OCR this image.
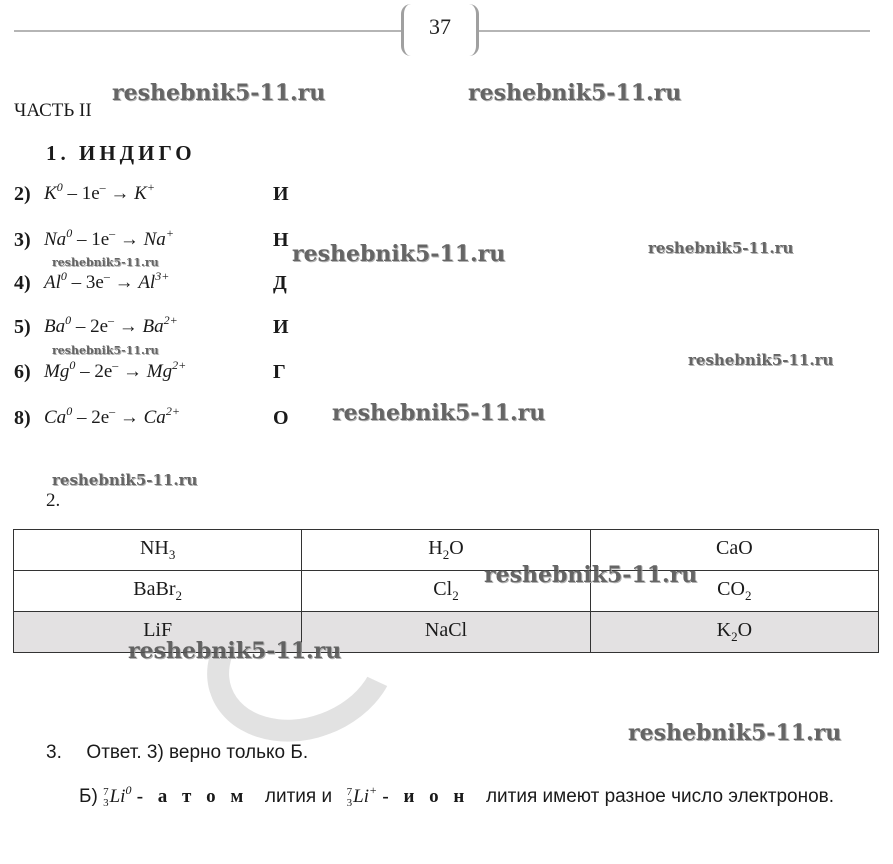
37
ЧАСТЬ II
1. ИНДИГО
2) $K^0 - 1e^- \to K^+$	И
3) Na$^0$ – 1e– → Na+	Н
4) $Al^0 - 3e^- \to Al^{3+}$	Д
5) $Ba^0 - 2e^- \to Ba^{2+}$	И
6) $Mg^0 - 2e^- \to Mg^{2+}$	Г
8) $Ca^0 - 2e^- \to Ca^{2+}$	О
2.
$NH_3$	$H_2O$	CaO
BaBr$_2$	$Cl_2$	$CO_2$
LiF	NaCl	$K_2O$
3. Ответ. 3) верно только Б.
Б) 7
3Li$^0$ - а т о м лития и 7
3Li+ - и о н лития имеют разное число электронов.
reshebnik5-11.ru	reshebnik5-11.ru
reshebnik5-11.ru	reshebnik5-11.ru
reshebnik5-11.ru
reshebnik5-11.ru
reshebnik5-11.ru
reshebnik5-11.ru
reshebnik5-11.ru
reshebnik5-11.ru
reshebnik5-11.ru
reshebnik5-11.ru
